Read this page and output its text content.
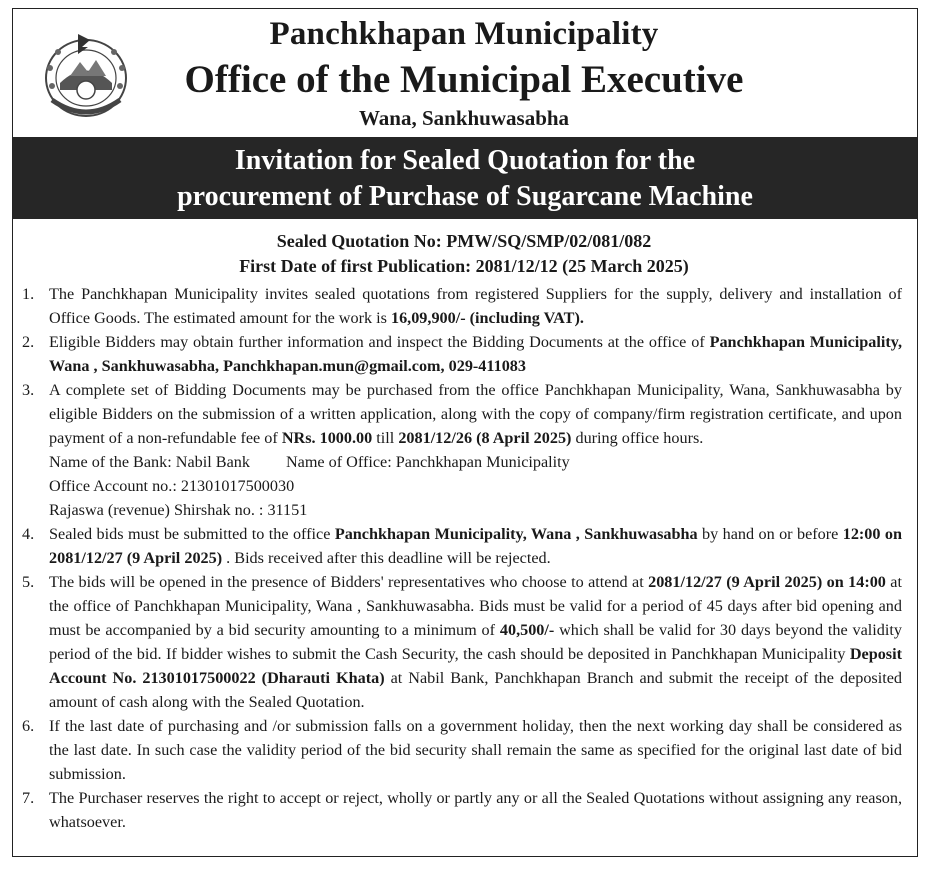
Panchkhapan Municipality
Office of the Municipal Executive
Wana, Sankhuwasabha
Invitation for Sealed Quotation for the
procurement of Purchase of Sugarcane Machine
Sealed Quotation No: PMW/SQ/SMP/02/081/082
First Date of first Publication: 2081/12/12 (25 March 2025)
1. The Panchkhapan Municipality invites sealed quotations from registered Suppliers for the supply, delivery and installation of Office Goods. The estimated amount for the work is 16,09,900/- (including VAT).
2. Eligible Bidders may obtain further information and inspect the Bidding Documents at the office of Panchkhapan Municipality, Wana , Sankhuwasabha, Panchkhapan.mun@gmail.com, 029-411083
3. A complete set of Bidding Documents may be purchased from the office Panchkhapan Municipality, Wana, Sankhuwasabha by eligible Bidders on the submission of a written application, along with the copy of company/firm registration certificate, and upon payment of a non-refundable fee of NRs. 1000.00 till 2081/12/26 (8 April 2025) during office hours.
Name of the Bank: Nabil Bank Name of Office: Panchkhapan Municipality
Office Account no.: 21301017500030
Rajaswa (revenue) Shirshak no. : 31151
4. Sealed bids must be submitted to the office Panchkhapan Municipality, Wana , Sankhuwasabha by hand on or before 12:00 on 2081/12/27 (9 April 2025) . Bids received after this deadline will be rejected.
5. The bids will be opened in the presence of Bidders' representatives who choose to attend at 2081/12/27 (9 April 2025) on 14:00 at the office of Panchkhapan Municipality, Wana , Sankhuwasabha. Bids must be valid for a period of 45 days after bid opening and must be accompanied by a bid security amounting to a minimum of 40,500/- which shall be valid for 30 days beyond the validity period of the bid. If bidder wishes to submit the Cash Security, the cash should be deposited in Panchkhapan Municipality Deposit Account No. 21301017500022 (Dharauti Khata) at Nabil Bank, Panchkhapan Branch and submit the receipt of the deposited amount of cash along with the Sealed Quotation.
6. If the last date of purchasing and /or submission falls on a government holiday, then the next working day shall be considered as the last date. In such case the validity period of the bid security shall remain the same as specified for the original last date of bid submission.
7. The Purchaser reserves the right to accept or reject, wholly or partly any or all the Sealed Quotations without assigning any reason, whatsoever.
